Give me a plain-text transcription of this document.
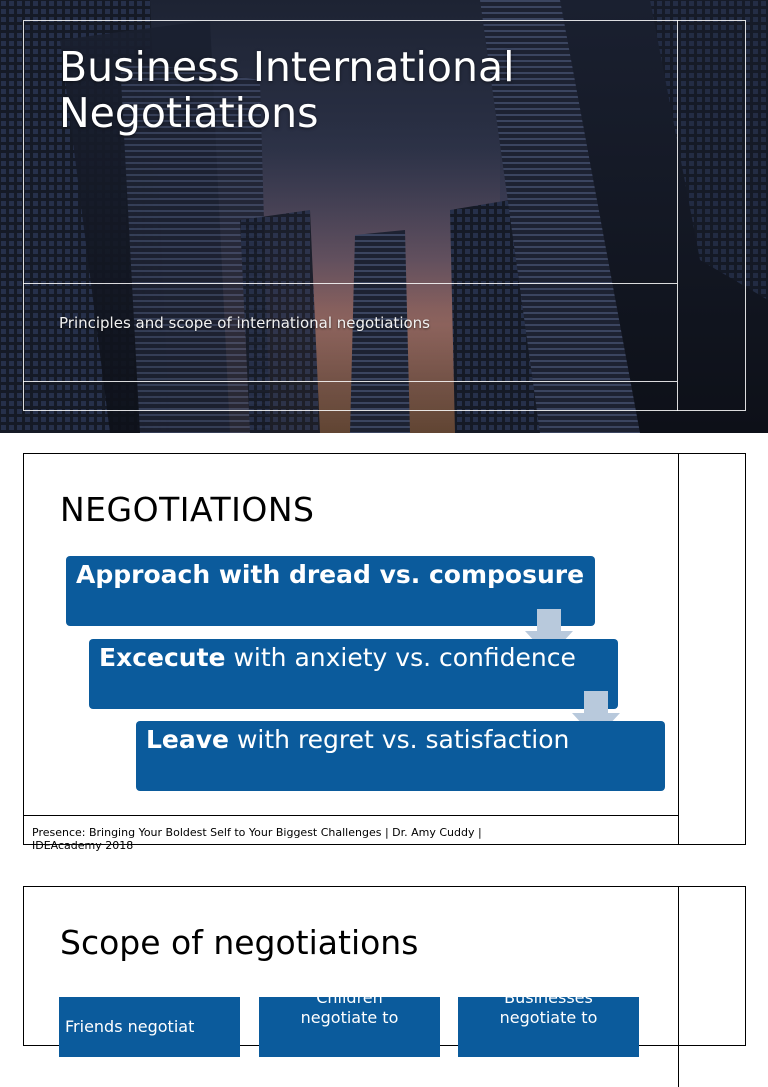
Business International Negotiations
Principles and scope of international negotiations
NEGOTIATIONS
Approach with dread vs. composure
Excecute with anxiety vs. confidence
Leave with regret vs. satisfaction
Presence: Bringing Your Boldest Self to Your Biggest Challenges | Dr. Amy Cuddy | IDEAcademy 2018
Scope of negotiations
Friends negotiat
Children
negotiate to
Businesses
negotiate to
